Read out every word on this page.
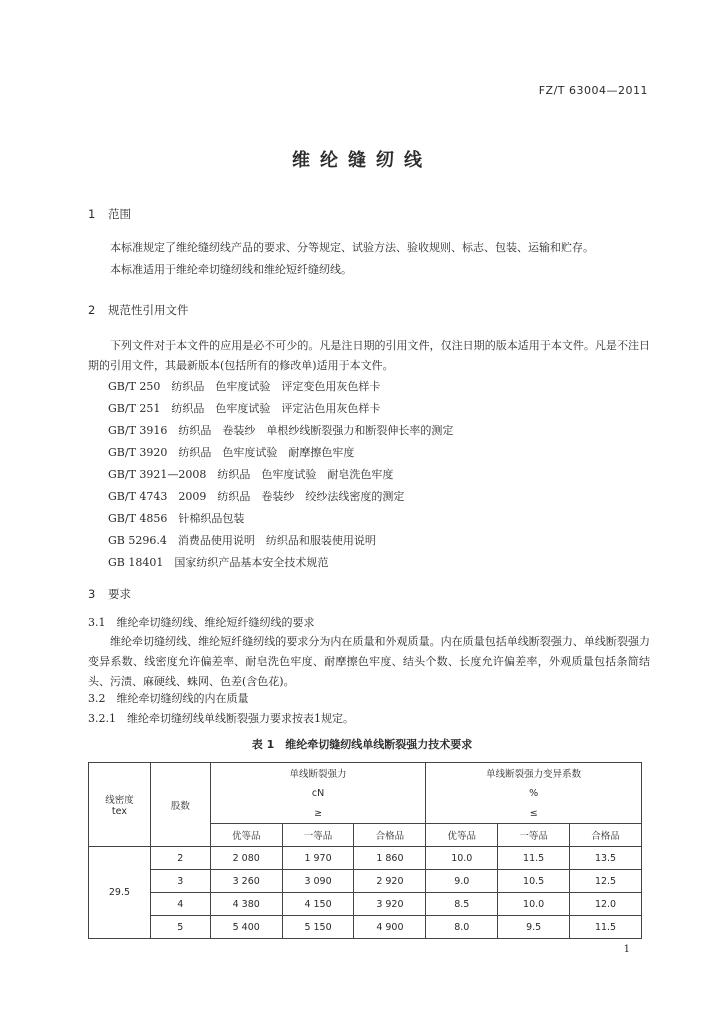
FZ/T 63004—2011
维纶缝纫线
1 范围
本标准规定了维纶缝纫线产品的要求、分等规定、试验方法、验收规则、标志、包装、运输和贮存。
本标准适用于维纶牵切缝纫线和维纶短纤缝纫线。
2 规范性引用文件
下列文件对于本文件的应用是必不可少的。凡是注日期的引用文件，仅注日期的版本适用于本文件。凡是不注日期的引用文件，其最新版本(包括所有的修改单)适用于本文件。
GB/T 250　纺织品　色牢度试验　评定变色用灰色样卡
GB/T 251　纺织品　色牢度试验　评定沾色用灰色样卡
GB/T 3916　纺织品　卷装纱　单根纱线断裂强力和断裂伸长率的测定
GB/T 3920　纺织品　色牢度试验　耐摩擦色牢度
GB/T 3921—2008　纺织品　色牢度试验　耐皂洗色牢度
GB/T 4743　2009　纺织品　卷装纱　绞纱法线密度的测定
GB/T 4856　针棉织品包装
GB 5296.4　消费品使用说明　纺织品和服装使用说明
GB 18401　国家纺织产品基本安全技术规范
3 要求
3.1　维纶牵切缝纫线、维纶短纤缝纫线的要求
维纶牵切缝纫线、维纶短纤缝纫线的要求分为内在质量和外观质量。内在质量包括单线断裂强力、单线断裂强力变异系数、线密度允许偏差率、耐皂洗色牢度、耐摩擦色牢度、结头个数、长度允许偏差率，外观质量包括条简结头、污渍、麻硬线、蛛网、色差(含色花)。
3.2　维纶牵切缝纫线的内在质量
3.2.1　维纶牵切缝纫线单线断裂强力要求按表1规定。
表 1　维纶牵切缝纫线单线断裂强力技术要求
线密度
tex	股数	单线断裂强力			单线断裂强力变异系数		
		cN			%		
		≥			≤		
		优等品	一等品	合格品	优等品	一等品	合格品
29.5	2	2 080	1 970	1 860	10.0	11.5	13.5
	3	3 260	3 090	2 920	9.0	10.5	12.5
	4	4 380	4 150	3 920	8.5	10.0	12.0
	5	5 400	5 150	4 900	8.0	9.5	11.5
1
